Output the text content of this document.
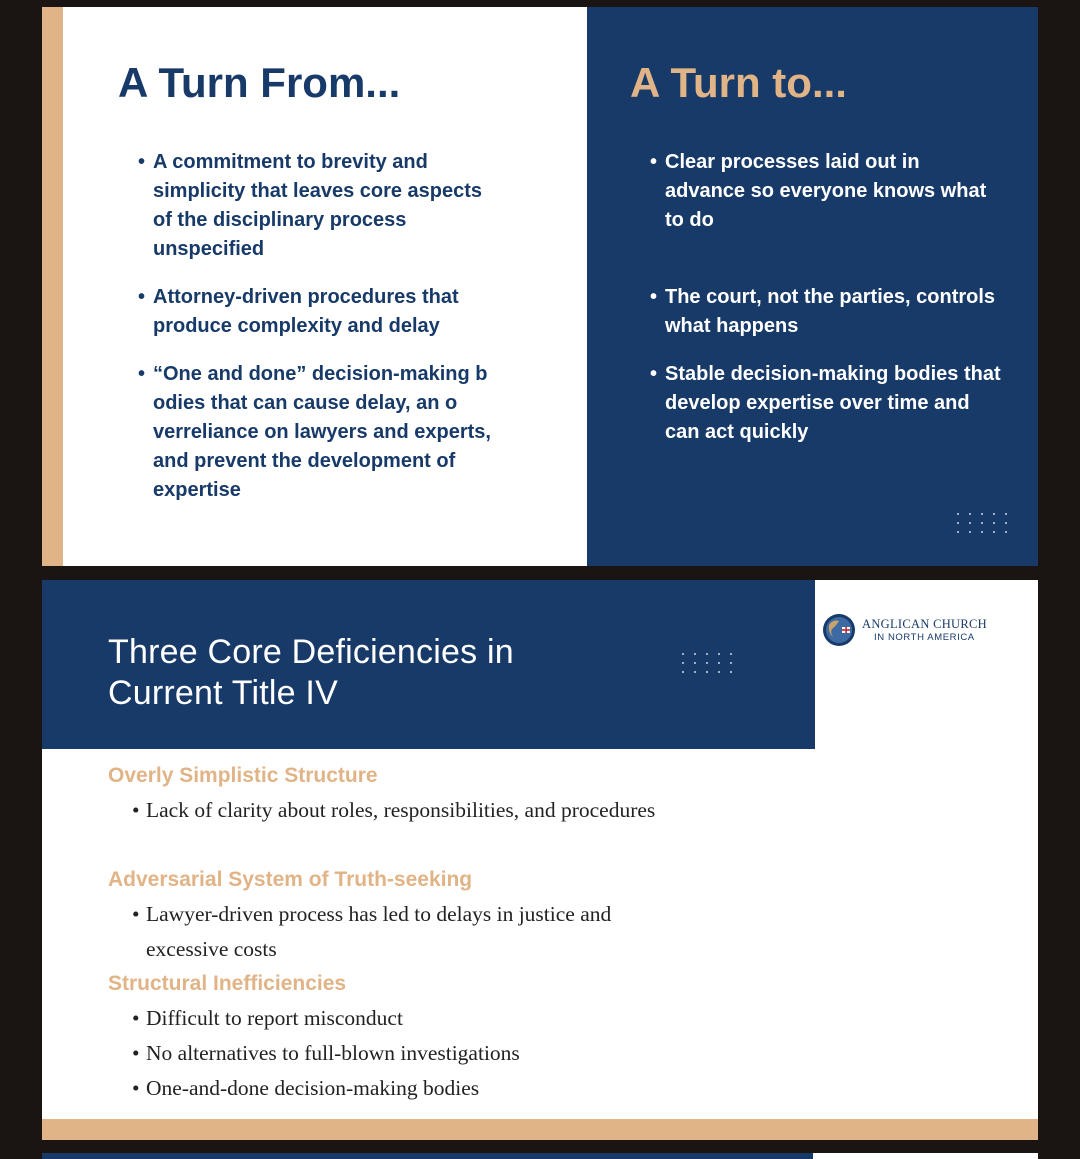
A Turn From...
• A commitment to brevity and simplicity that leaves core aspects of the disciplinary process unspecified
• Attorney-driven procedures that produce complexity and delay
• “One and done” decision-making b odies that can cause delay, an o verreliance on lawyers and experts, and prevent the development of expertise
A Turn to...
• Clear processes laid out in advance so everyone knows what to do
• The court, not the parties, controls what happens
• Stable decision-making bodies that develop expertise over time and can act quickly
Three Core Deficiencies in
Current Title IV
ANGLICAN CHURCH
IN NORTH AMERICA
Overly Simplistic Structure

• Lack of clarity about roles, responsibilities, and procedures

Adversarial System of Truth-seeking

• Lawyer-driven process has led to delays in justice and excessive costs

Structural Inefficiencies

• Difficult to report misconduct

• No alternatives to full-blown investigations

• One-and-done decision-making bodies
